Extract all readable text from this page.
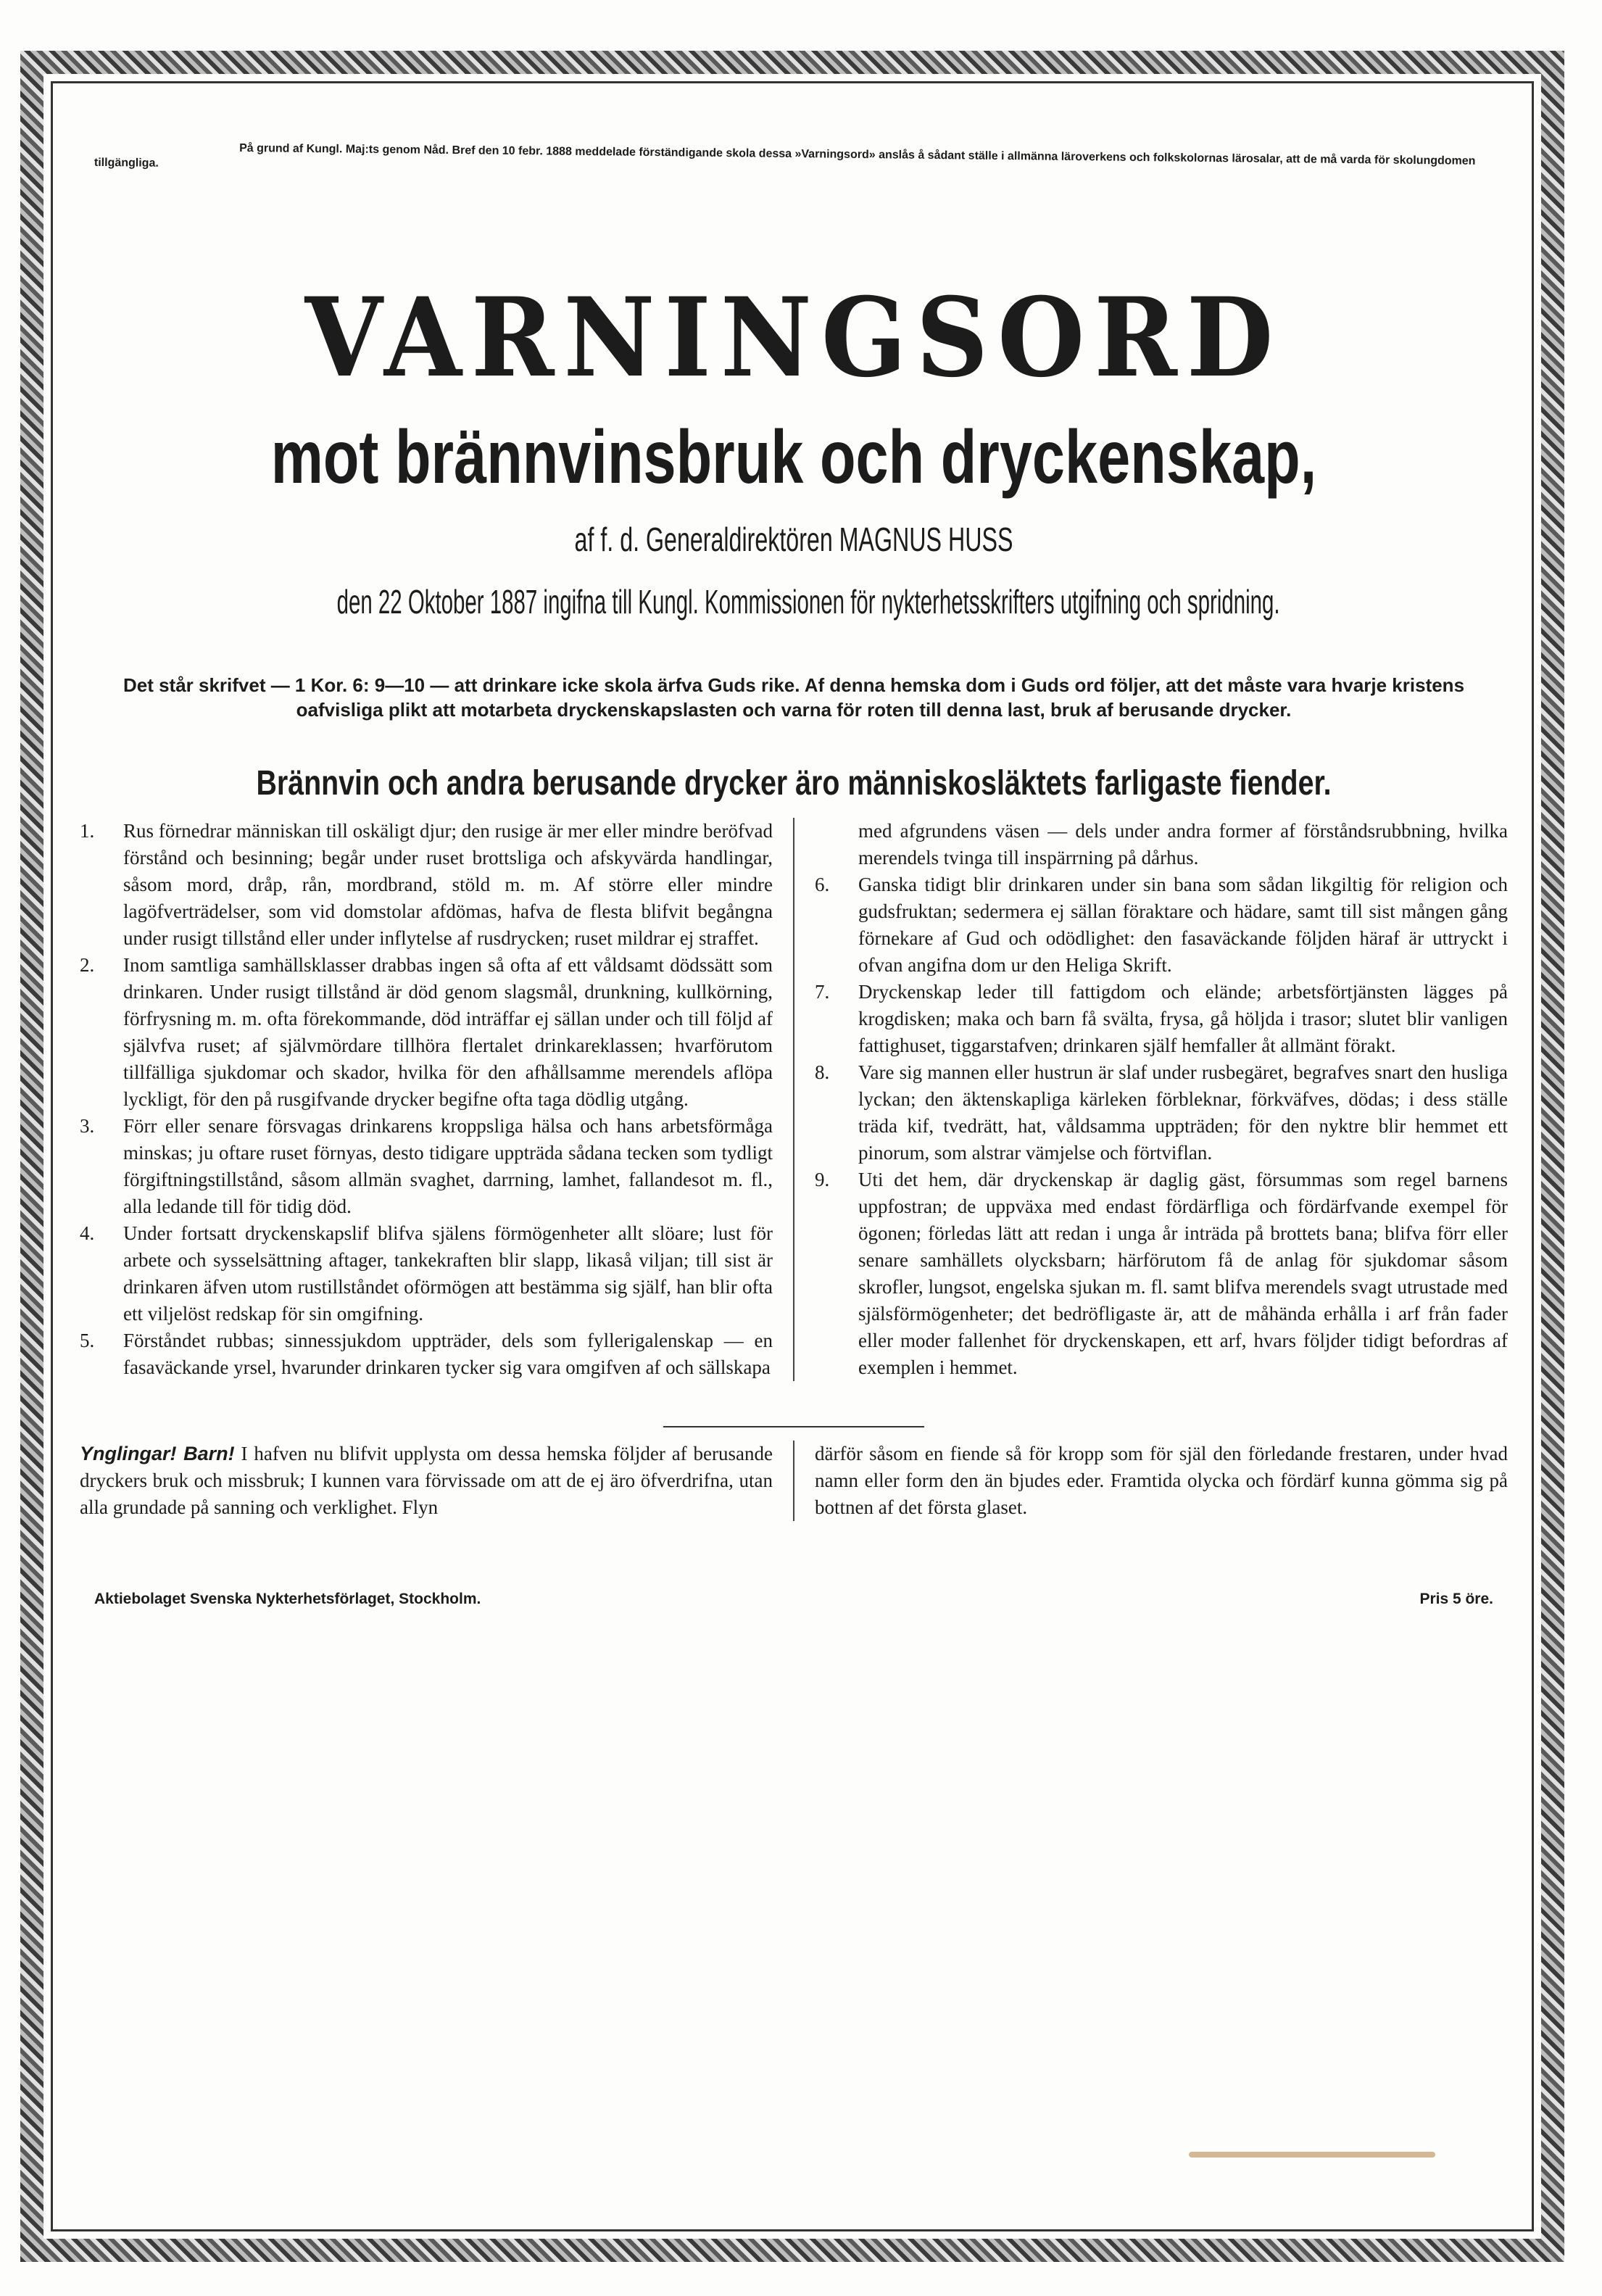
På grund af Kungl. Maj:ts genom Nåd. Bref den 10 febr. 1888 meddelade förständigande skola dessa »Varningsord» anslås å sådant ställe i allmänna läroverkens och folkskolornas lärosalar, att de må varda för skolungdomen tillgängliga.
VARNINGSORD
mot brännvinsbruk och dryckenskap,
af f. d. Generaldirektören MAGNUS HUSS
den 22 Oktober 1887 ingifna till Kungl. Kommissionen för nykterhetsskrifters utgifning och spridning.
Det står skrifvet — 1 Kor. 6: 9—10 — att drinkare icke skola ärfva Guds rike. Af denna hemska dom i Guds ord följer, att det måste vara hvarje kristens oafvisliga plikt att motarbeta dryckenskapslasten och varna för roten till denna last, bruk af berusande drycker.
Brännvin och andra berusande drycker äro människosläktets farligaste fiender.
1.	Rus förnedrar människan till oskäligt djur; den rusige är mer eller mindre beröfvad förstånd och besinning; begår under ruset brottsliga och afskyvärda handlingar, såsom mord, dråp, rån, mordbrand, stöld m. m. Af större eller mindre lagöfverträdelser, som vid domstolar afdömas, hafva de flesta blifvit begångna under rusigt tillstånd eller under inflytelse af rusdrycken; ruset mildrar ej straffet.
2.	Inom samtliga samhällsklasser drabbas ingen så ofta af ett våldsamt dödssätt som drinkaren. Under rusigt tillstånd är död genom slagsmål, drunkning, kullkörning, förfrysning m. m. ofta förekommande, död inträffar ej sällan under och till följd af självfva ruset; af självmördare tillhöra flertalet drinkareklassen; hvarförutom tillfälliga sjukdomar och skador, hvilka för den afhållsamme merendels aflöpa lyckligt, för den på rusgifvande drycker begifne ofta taga dödlig utgång.
3.	Förr eller senare försvagas drinkarens kroppsliga hälsa och hans arbetsförmåga minskas; ju oftare ruset förnyas, desto tidigare uppträda sådana tecken som tydligt förgiftningstillstånd, såsom allmän svaghet, darrning, lamhet, fallandesot m. fl., alla ledande till för tidig död.
4.	Under fortsatt dryckenskapslif blifva själens förmögenheter allt slöare; lust för arbete och sysselsättning aftager, tankekraften blir slapp, likaså viljan; till sist är drinkaren äfven utom rustillståndet oförmögen att bestämma sig själf, han blir ofta ett viljelöst redskap för sin omgifning.
5.	Förståndet rubbas; sinnessjukdom uppträder, dels som fyllerigalenskap — en fasaväckande yrsel, hvarunder drinkaren tycker sig vara omgifven af och sällskapa
med afgrundens väsen — dels under andra former af förståndsrubbning, hvilka merendels tvinga till inspärrning på dårhus.
6.	Ganska tidigt blir drinkaren under sin bana som sådan likgiltig för religion och gudsfruktan; sedermera ej sällan föraktare och hädare, samt till sist mången gång förnekare af Gud och odödlighet: den fasaväckande följden häraf är uttryckt i ofvan angifna dom ur den Heliga Skrift.
7.	Dryckenskap leder till fattigdom och elände; arbetsförtjänsten lägges på krogdisken; maka och barn få svälta, frysa, gå höljda i trasor; slutet blir vanligen fattighuset, tiggarstafven; drinkaren själf hemfaller åt allmänt förakt.
8.	Vare sig mannen eller hustrun är slaf under rusbegäret, begrafves snart den husliga lyckan; den äktenskapliga kärleken förbleknar, förkväfves, dödas; i dess ställe träda kif, tvedrätt, hat, våldsamma uppträden; för den nyktre blir hemmet ett pinorum, som alstrar vämjelse och förtviflan.
9.	Uti det hem, där dryckenskap är daglig gäst, försummas som regel barnens uppfostran; de uppväxa med endast fördärfliga och fördärfvande exempel för ögonen; förledas lätt att redan i unga år inträda på brottets bana; blifva förr eller senare samhällets olycksbarn; härförutom få de anlag för sjukdomar såsom skrofler, lungsot, engelska sjukan m. fl. samt blifva merendels svagt utrustade med själsförmögenheter; det bedröfligaste är, att de måhända erhålla i arf från fader eller moder fallenhet för dryckenskapen, ett arf, hvars följder tidigt befordras af exemplen i hemmet.
Ynglingar! Barn! I hafven nu blifvit upplysta om dessa hemska följder af berusande dryckers bruk och missbruk; I kunnen vara förvissade om att de ej äro öfverdrifna, utan alla grundade på sanning och verklighet. Flyn
därför såsom en fiende så för kropp som för själ den förledande frestaren, under hvad namn eller form den än bjudes eder. Framtida olycka och fördärf kunna gömma sig på bottnen af det första glaset.
Aktiebolaget Svenska Nykterhetsförlaget, Stockholm.	Pris 5 öre.
